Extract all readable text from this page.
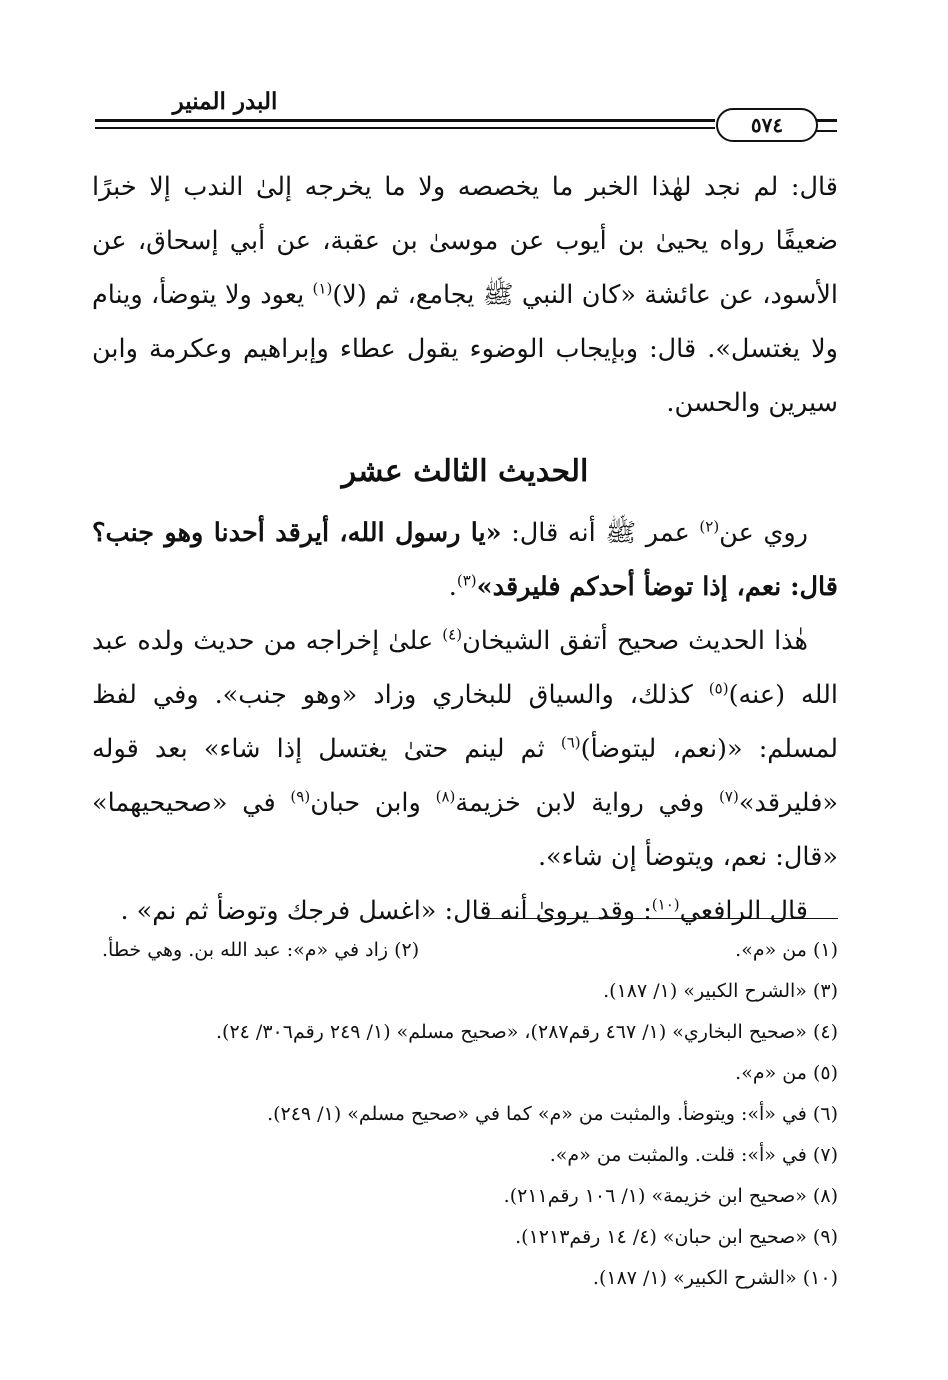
البدر المنير
٥٧٤

قال: لم نجد لهٰذا الخبر ما يخصصه ولا ما يخرجه إلىٰ الندب إلا خبرًا ضعيفًا رواه يحيىٰ بن أيوب عن موسىٰ بن عقبة، عن أبي إسحاق، عن الأسود، عن عائشة «كان النبي ﷺ يجامع، ثم (لا)$^{(١)}$ يعود ولا يتوضأ، وينام ولا يغتسل». قال: وبإيجاب الوضوء يقول عطاء وإبراهيم وعكرمة وابن سيرين والحسن.

الحديث الثالث عشر

روي عن$^{(٢)}$ عمر ﷺ أنه قال: «يا رسول الله، أيرقد أحدنا وهو جنب؟ قال: نعم، إذا توضأ أحدكم فليرقد»$^{(٣)}$.

هٰذا الحديث صحيح أتفق الشيخان$^{(٤)}$ علىٰ إخراجه من حديث ولده عبد الله (عنه)$^{(٥)}$ كذلك، والسياق للبخاري وزاد «وهو جنب». وفي لفظ لمسلم: «(نعم، ليتوضأ)$^{(٦)}$ ثم لينم حتىٰ يغتسل إذا شاء» بعد قوله «فليرقد»$^{(٧)}$ وفي رواية لابن خزيمة$^{(٨)}$ وابن حبان$^{(٩)}$ في «صحيحيهما» «قال: نعم، ويتوضأ إن شاء».

قال الرافعي$^{(١٠)}$: وقد يروىٰ أنه قال: «اغسل فرجك وتوضأ ثم نم» .

(١) من «م».
(٢) زاد في «م»: عبد الله بن. وهي خطأ.

(٣) «الشرح الكبير» (١/ ١٨٧).

(٤) «صحيح البخاري» (١/ ٤٦٧ رقم٢٨٧)، «صحيح مسلم» (١/ ٢٤٩ رقم٣٠٦/ ٢٤).

(٥) من «م».

(٦) في «أ»: ويتوضأ. والمثبت من «م» كما في «صحيح مسلم» (١/ ٢٤٩).

(٧) في «أ»: قلت. والمثبت من «م».

(٨) «صحيح ابن خزيمة» (١/ ١٠٦ رقم٢١١).

(٩) «صحيح ابن حبان» (٤/ ١٤ رقم١٢١٣).

(١٠) «الشرح الكبير» (١/ ١٨٧).
